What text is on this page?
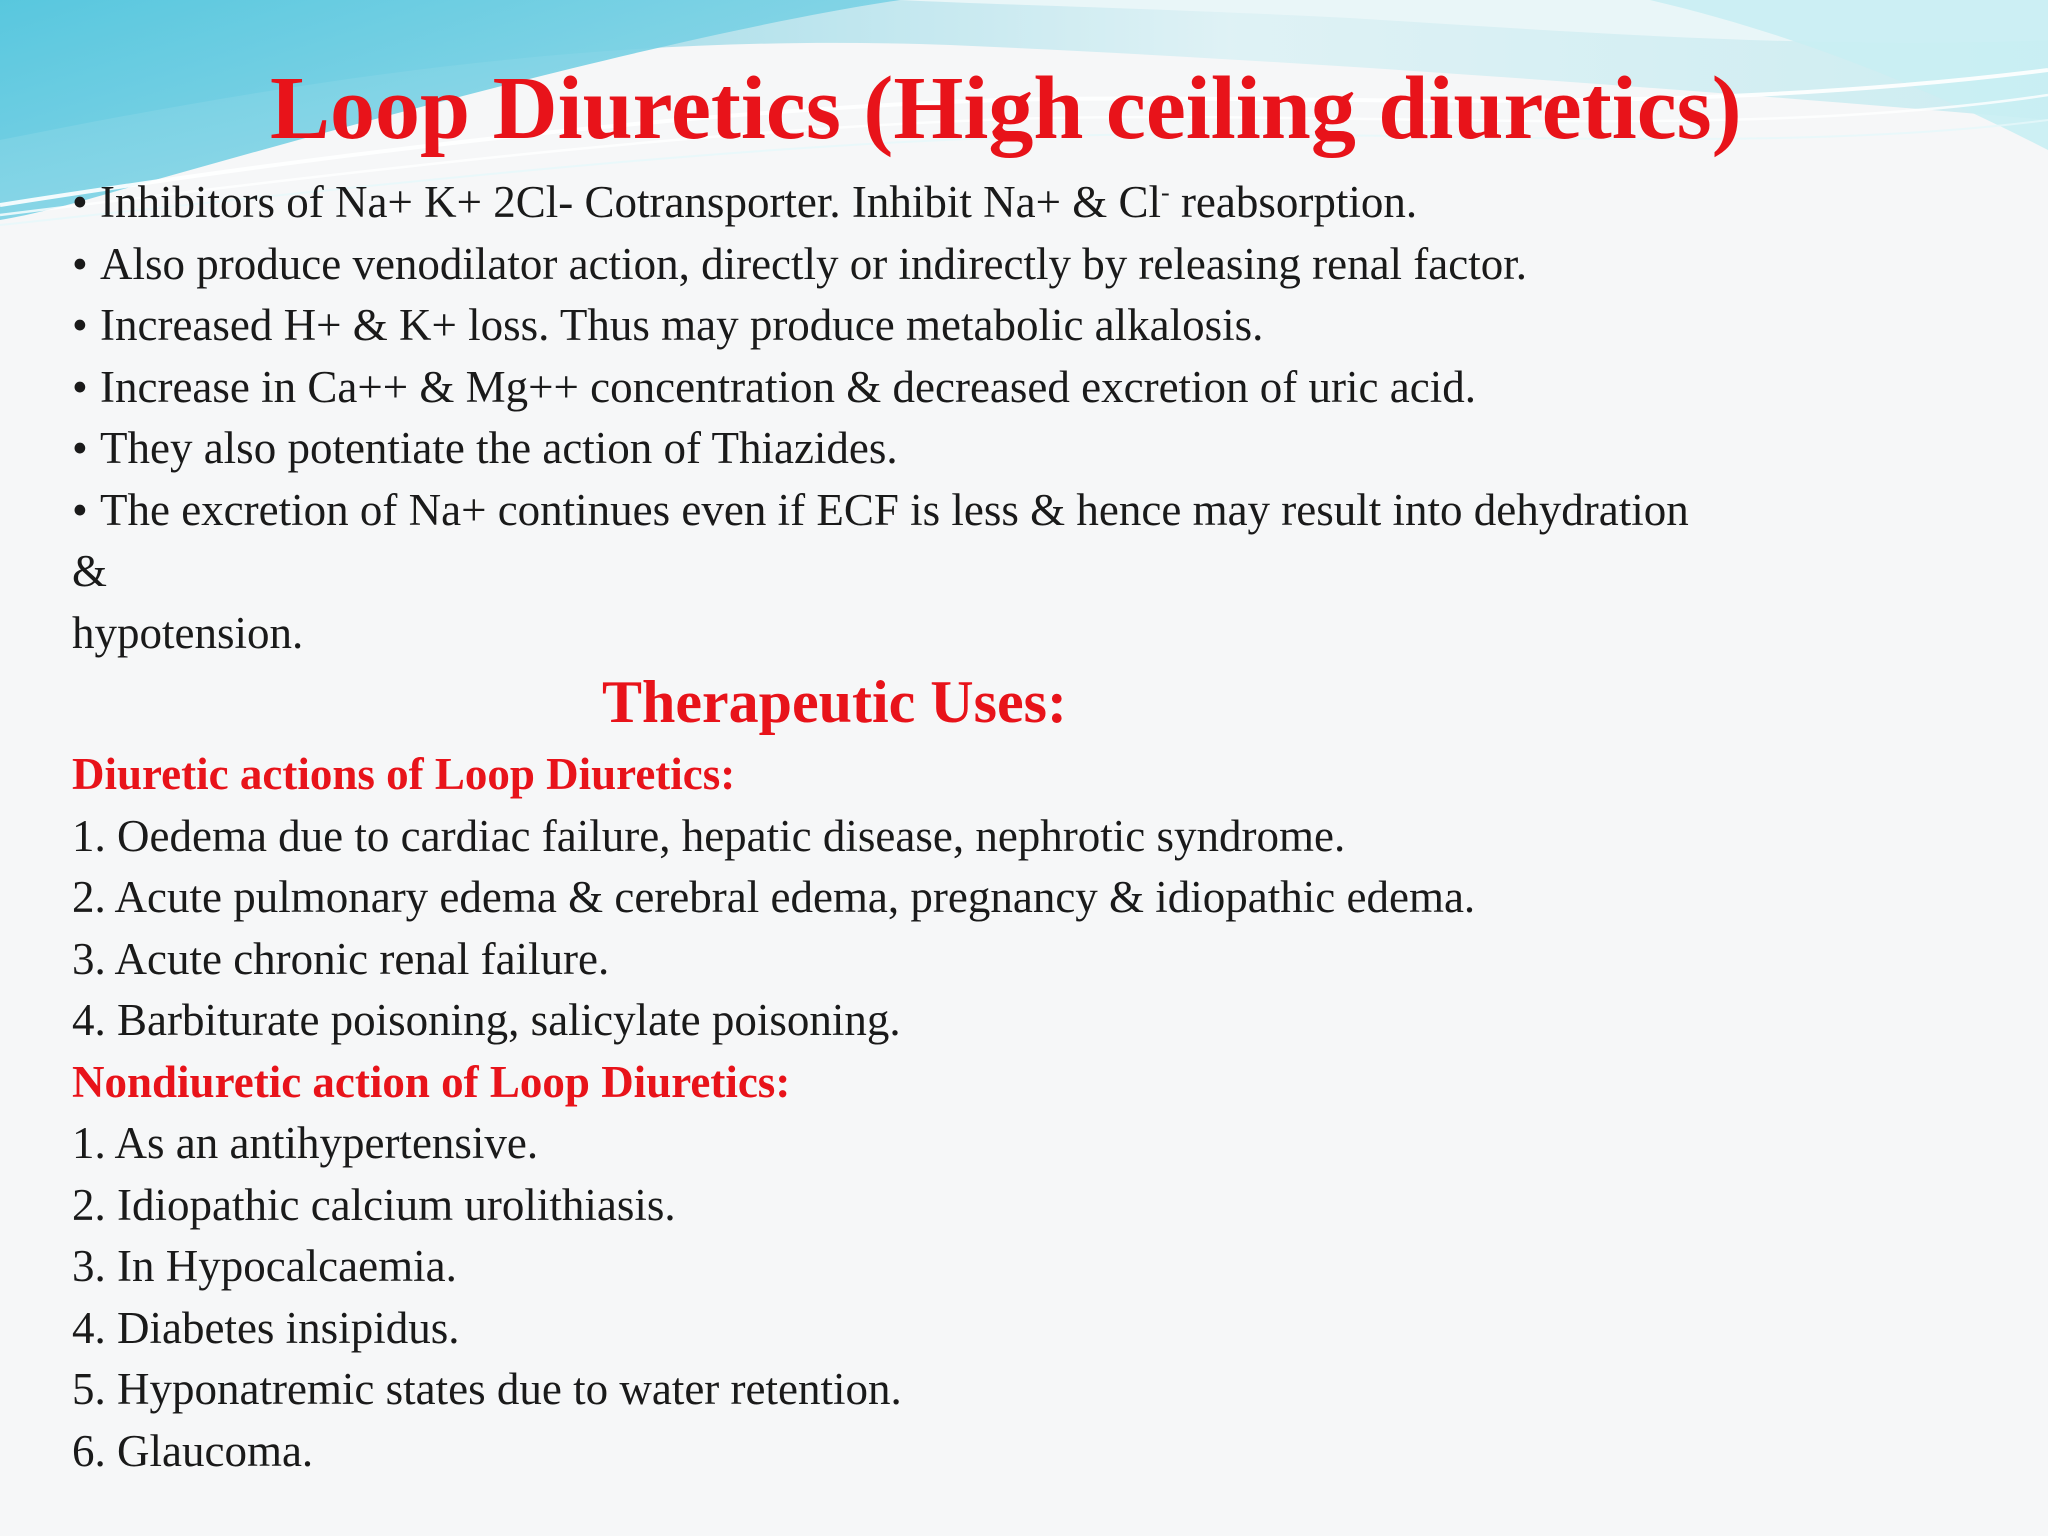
Loop Diuretics (High ceiling diuretics)

• Inhibitors of Na+ K+ 2Cl- Cotransporter. Inhibit Na+ & Cl- reabsorption.

• Also produce venodilator action, directly or indirectly by releasing renal factor.

• Increased H+ & K+ loss. Thus may produce metabolic alkalosis.

• Increase in Ca++ & Mg++ concentration & decreased excretion of uric acid.

• They also potentiate the action of Thiazides.

• The excretion of Na+ continues even if ECF is less & hence may result into dehydration

&

hypotension.

Therapeutic Uses:

Diuretic actions of Loop Diuretics:

1. Oedema due to cardiac failure, hepatic disease, nephrotic syndrome.

2. Acute pulmonary edema & cerebral edema, pregnancy & idiopathic edema.

3. Acute chronic renal failure.

4. Barbiturate poisoning, salicylate poisoning.

Nondiuretic action of Loop Diuretics:

1. As an antihypertensive.

2. Idiopathic calcium urolithiasis.

3. In Hypocalcaemia.

4. Diabetes insipidus.

5. Hyponatremic states due to water retention.

6. Glaucoma.
